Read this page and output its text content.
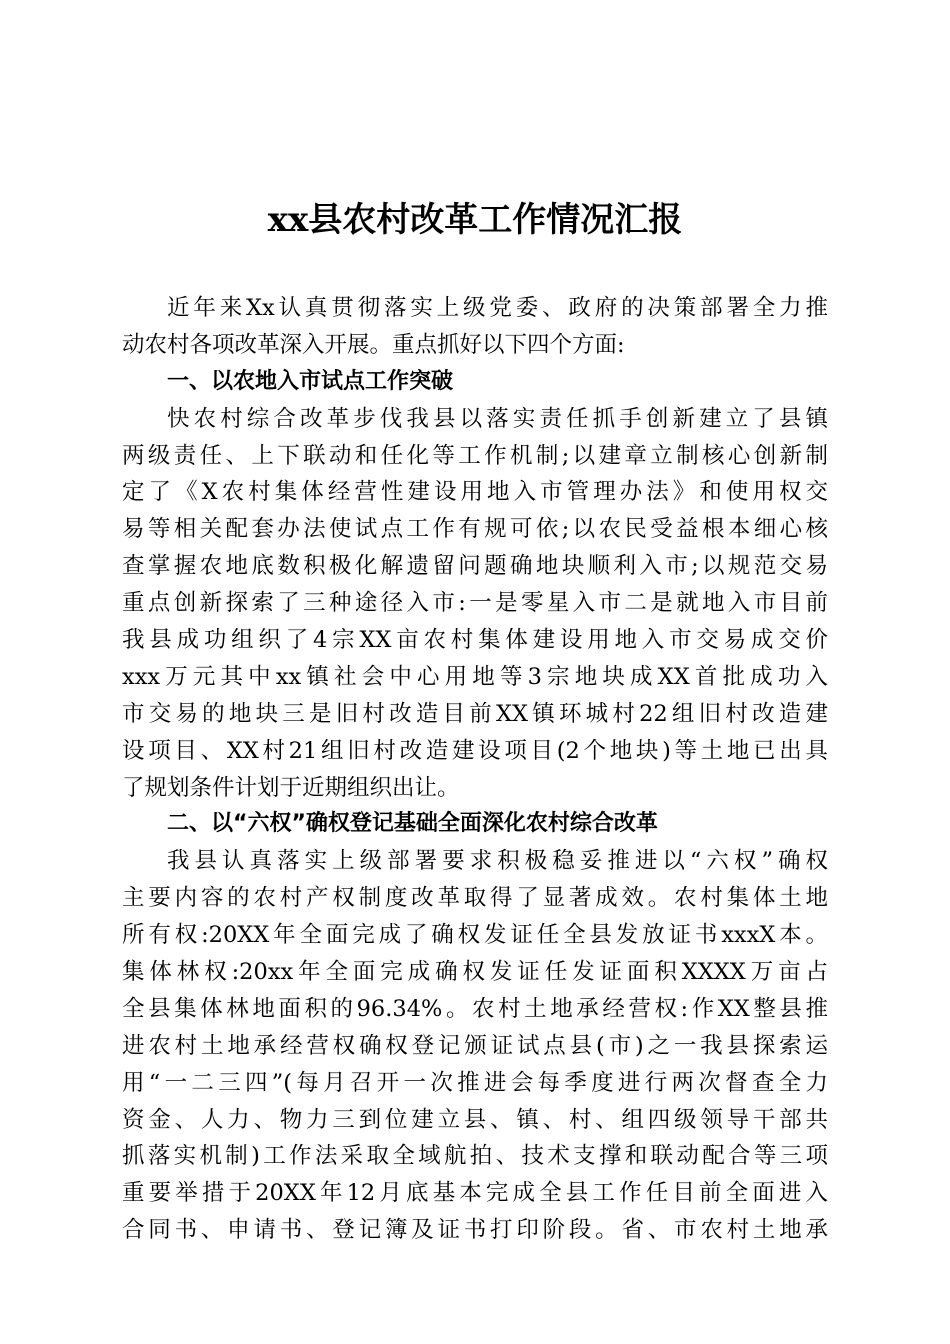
xx县农村改革工作情况汇报
近年来Xx认真贯彻落实上级党委、政府的决策部署全力推
动农村各项改革深入开展。重点抓好以下四个方面:
一、以农地入市试点工作突破
快农村综合改革步伐我县以落实责任抓手创新建立了县镇
两级责任、上下联动和任化等工作机制;以建章立制核心创新制
定了《X农村集体经营性建设用地入市管理办法》和使用权交
易等相关配套办法使试点工作有规可依;以农民受益根本细心核
查掌握农地底数积极化解遗留问题确地块顺利入市;以规范交易
重点创新探索了三种途径入市:一是零星入市二是就地入市目前
我县成功组织了4宗XX亩农村集体建设用地入市交易成交价
xxx万元其中xx镇社会中心用地等3宗地块成XX首批成功入
市交易的地块三是旧村改造目前XX镇环城村22组旧村改造建
设项目、XX村21组旧村改造建设项目(2个地块)等土地已出具
了规划条件计划于近期组织出让。
二、以“六权”确权登记基础全面深化农村综合改革
我县认真落实上级部署要求积极稳妥推进以“六权”确权
主要内容的农村产权制度改革取得了显著成效。农村集体土地
所有权:20XX年全面完成了确权发证任全县发放证书xxxX本。
集体林权:20xx年全面完成确权发证任发证面积XXXX万亩占
全县集体林地面积的96.34%。农村土地承经营权:作XX整县推
进农村土地承经营权确权登记颁证试点县(市)之一我县探索运
用“一二三四”(每月召开一次推进会每季度进行两次督查全力
资金、人力、物力三到位建立县、镇、村、组四级领导干部共
抓落实机制)工作法采取全域航拍、技术支撑和联动配合等三项
重要举措于20XX年12月底基本完成全县工作任目前全面进入
合同书、申请书、登记簿及证书打印阶段。省、市农村土地承
